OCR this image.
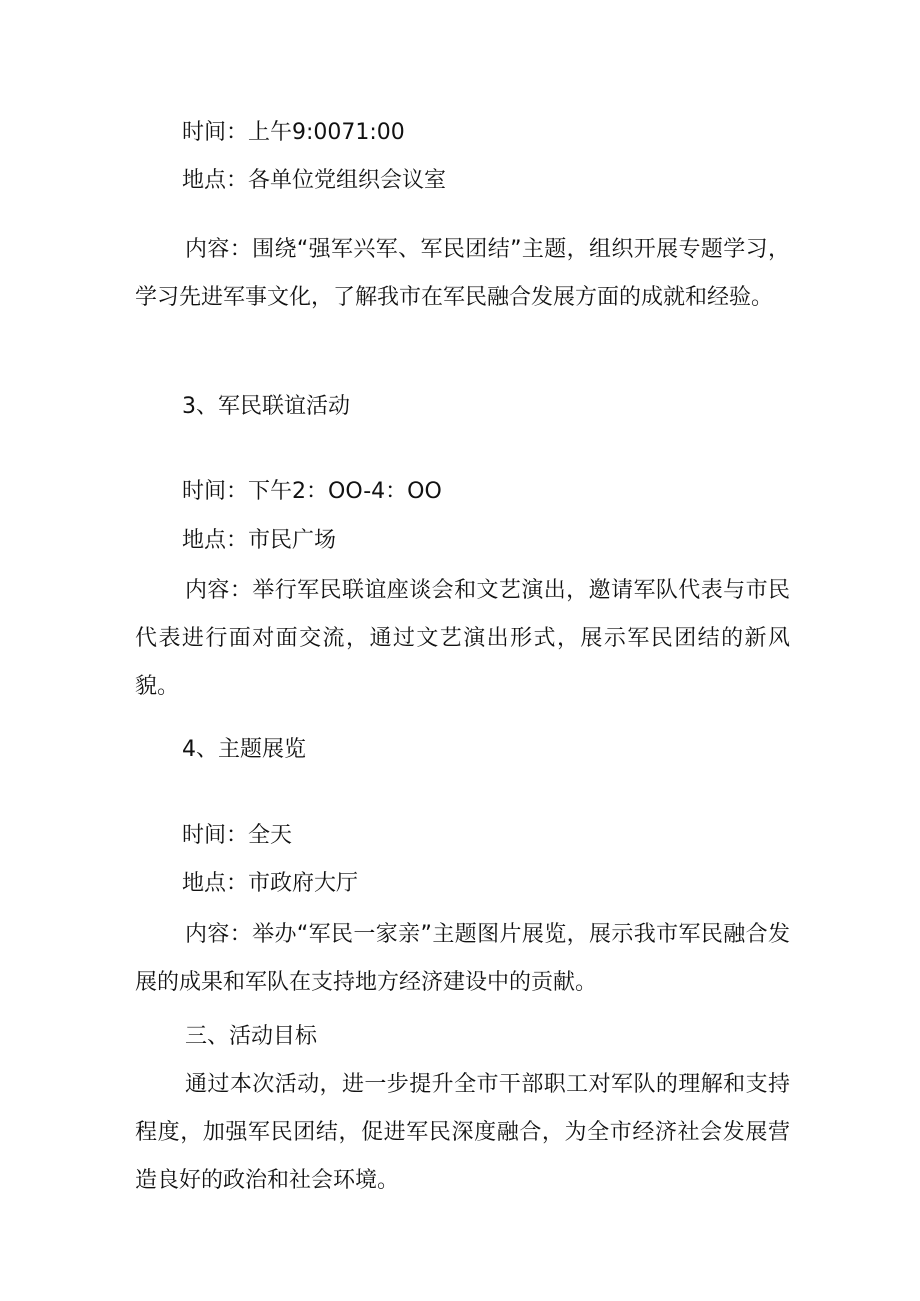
时间：上午9:0071:00

地点：各单位党组织会议室

内容：围绕“强军兴军、军民团结”主题，组织开展专题学习，学习先进军事文化，了解我市在军民融合发展方面的成就和经验。

3、军民联谊活动

时间：下午2：OO-4：OO

地点：市民广场

内容：举行军民联谊座谈会和文艺演出，邀请军队代表与市民代表进行面对面交流，通过文艺演出形式，展示军民团结的新风貌。

4、主题展览

时间：全天

地点：市政府大厅

内容：举办“军民一家亲”主题图片展览，展示我市军民融合发展的成果和军队在支持地方经济建设中的贡献。

三、活动目标

通过本次活动，进一步提升全市干部职工对军队的理解和支持程度，加强军民团结，促进军民深度融合，为全市经济社会发展营造良好的政治和社会环境。
